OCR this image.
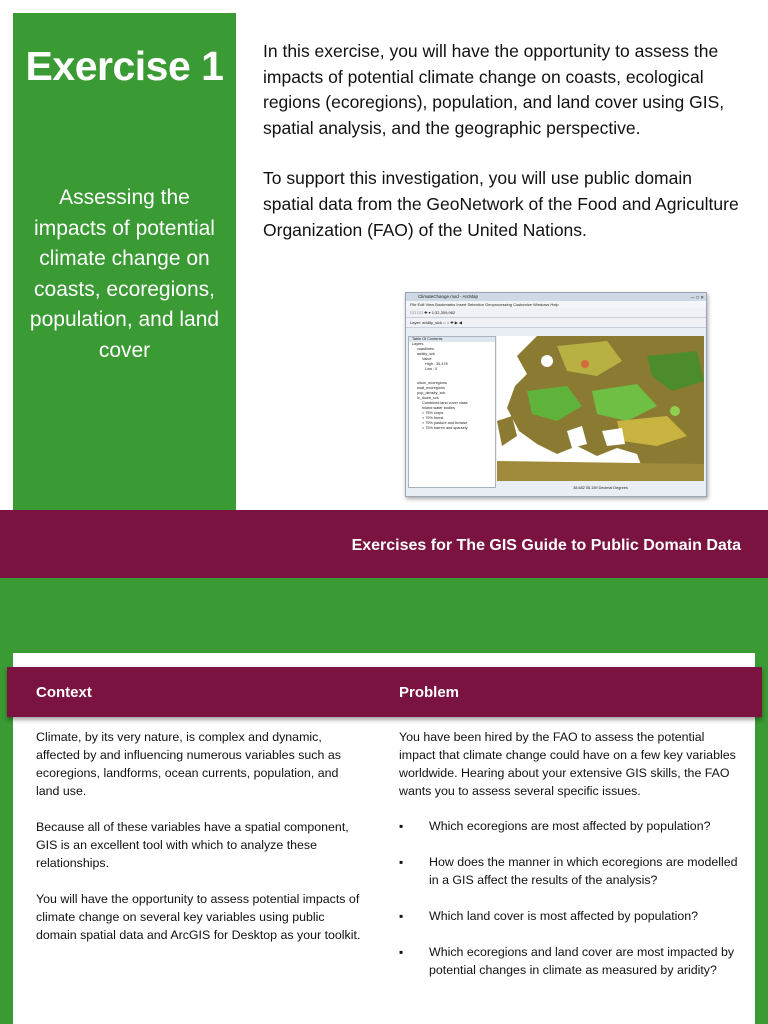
Exercise 1
Assessing the impacts of potential climate change on coasts, ecoregions, population, and land cover

In this exercise, you will have the opportunity to assess the impacts of potential climate change on coasts, ecological regions (ecoregions), population, and land cover using GIS, spatial analysis, and the geographic perspective.

To support this investigation, you will use public domain spatial data from the GeoNetwork of the Food and Agriculture Organization (FAO) of the United Nations.

ClimateChange.mxd - ArcMap	— □ ✕
File Edit View Bookmarks Insert Selection Geoprocessing Customize Windows Help
□ □ □ □ ✚ ▾ 1:32,309,982
Layer: aridity_sick ○ ○ ✚ ▶ ◀
Table Of Contents
Layers
coastlines
aridity_sck
Value
High : 30,478
Low : 0
olson_ecoregions
usaf_ecoregions
pop_density_sck
lc_down_sck
Combined land cover class
Inland water bodies
> 75% crops
> 75% forest
> 75% pasture and browse
> 75% barren and sparsely
38.682 55.159 Decimal Degrees
Exercises for The GIS Guide to Public Domain Data
Context	Problem

Climate, by its very nature, is complex and dynamic, affected by and influencing numerous variables such as ecoregions, landforms, ocean currents, population, and land use.

Because all of these variables have a spatial component, GIS is an excellent tool with which to analyze these relationships.

You will have the opportunity to assess potential impacts of climate change on several key variables using public domain spatial data and ArcGIS for Desktop as your toolkit.

You have been hired by the FAO to assess the potential impact that climate change could have on a few key variables worldwide. Hearing about your extensive GIS skills, the FAO wants you to assess several specific issues.

▪ Which ecoregions are most affected by population?
▪ How does the manner in which ecoregions are modelled in a GIS affect the results of the analysis?
▪ Which land cover is most affected by population?
▪ Which ecoregions and land cover are most impacted by potential changes in climate as measured by aridity?
